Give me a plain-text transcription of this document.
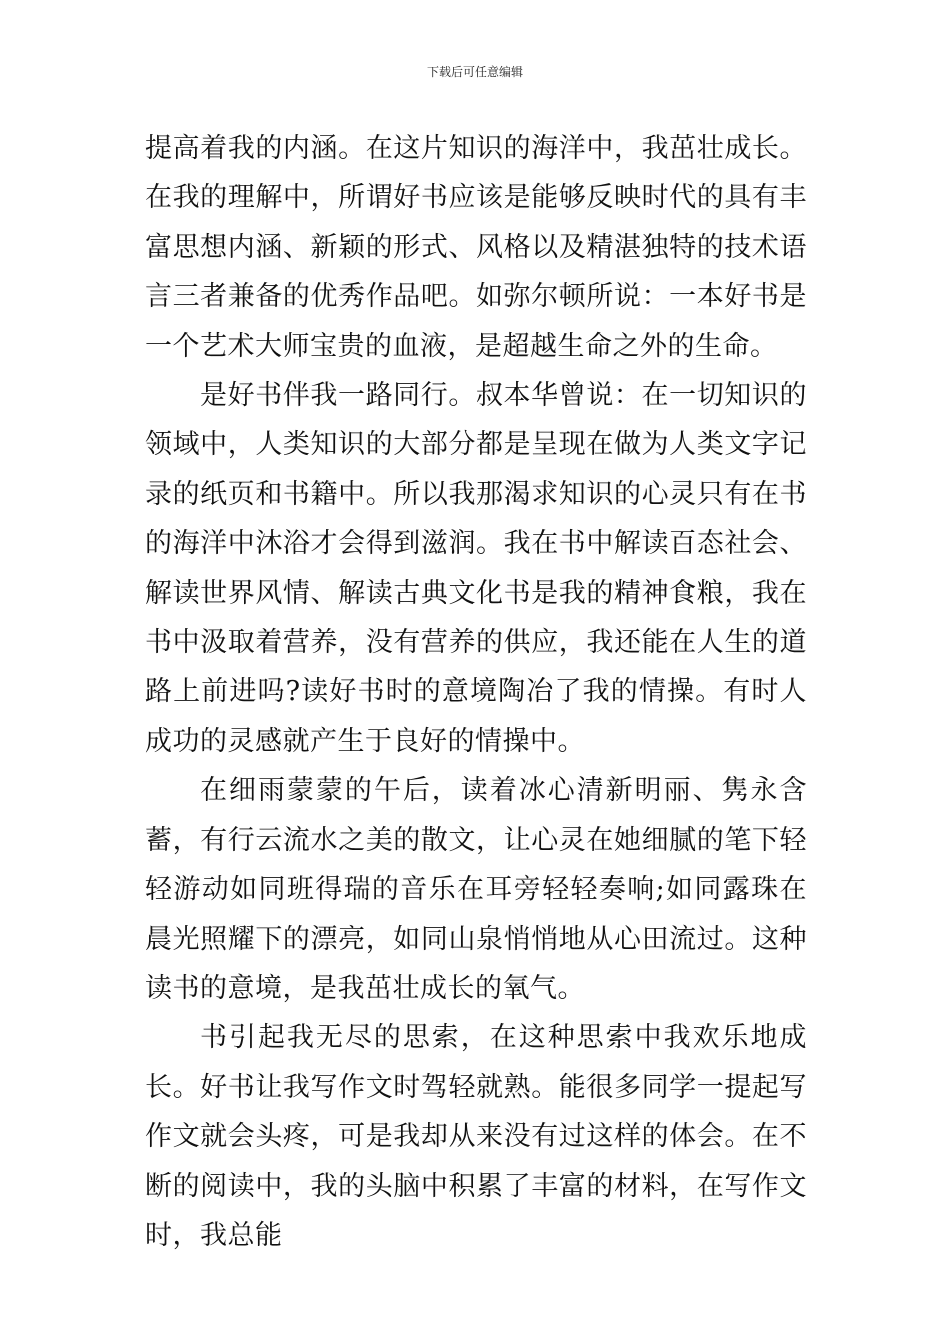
下载后可任意编辑

提高着我的内涵。在这片知识的海洋中，我茁壮成长。在我的理解中，所谓好书应该是能够反映时代的具有丰富思想内涵、新颖的形式、风格以及精湛独特的技术语言三者兼备的优秀作品吧。如弥尔顿所说：一本好书是一个艺术大师宝贵的血液，是超越生命之外的生命。

是好书伴我一路同行。叔本华曾说：在一切知识的领域中，人类知识的大部分都是呈现在做为人类文字记录的纸页和书籍中。所以我那渴求知识的心灵只有在书的海洋中沐浴才会得到滋润。我在书中解读百态社会、解读世界风情、解读古典文化书是我的精神食粮，我在书中汲取着营养，没有营养的供应，我还能在人生的道路上前进吗?读好书时的意境陶冶了我的情操。有时人成功的灵感就产生于良好的情操中。

在细雨蒙蒙的午后，读着冰心清新明丽、隽永含蓄，有行云流水之美的散文，让心灵在她细腻的笔下轻轻游动如同班得瑞的音乐在耳旁轻轻奏响;如同露珠在晨光照耀下的漂亮，如同山泉悄悄地从心田流过。这种读书的意境，是我茁壮成长的氧气。

书引起我无尽的思索，在这种思索中我欢乐地成长。好书让我写作文时驾轻就熟。能很多同学一提起写作文就会头疼，可是我却从来没有过这样的体会。在不断的阅读中，我的头脑中积累了丰富的材料，在写作文时，我总能
